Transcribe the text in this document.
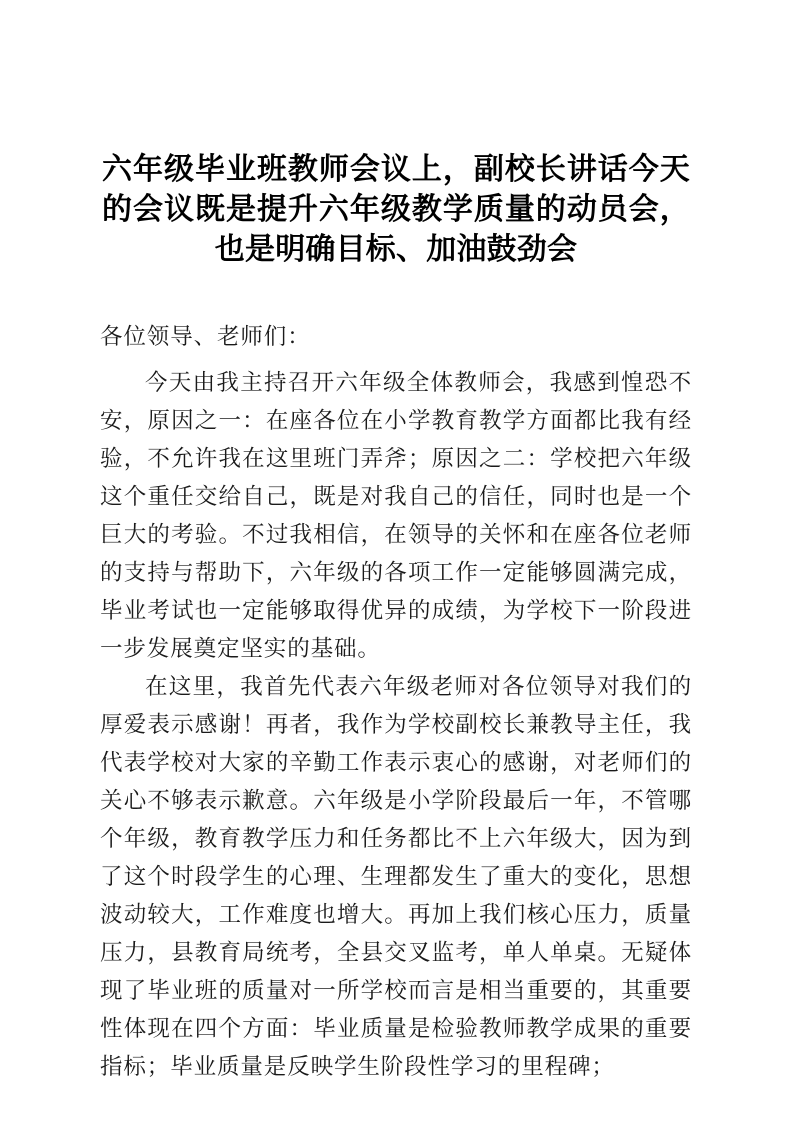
六年级毕业班教师会议上，副校长讲话今天的会议既是提升六年级教学质量的动员会，也是明确目标、加油鼓劲会

各位领导、老师们：

今天由我主持召开六年级全体教师会，我感到惶恐不安，原因之一：在座各位在小学教育教学方面都比我有经验，不允许我在这里班门弄斧；原因之二：学校把六年级这个重任交给自己，既是对我自己的信任，同时也是一个巨大的考验。不过我相信，在领导的关怀和在座各位老师的支持与帮助下，六年级的各项工作一定能够圆满完成，毕业考试也一定能够取得优异的成绩，为学校下一阶段进一步发展奠定坚实的基础。

在这里，我首先代表六年级老师对各位领导对我们的厚爱表示感谢！再者，我作为学校副校长兼教导主任，我代表学校对大家的辛勤工作表示衷心的感谢，对老师们的关心不够表示歉意。六年级是小学阶段最后一年，不管哪个年级，教育教学压力和任务都比不上六年级大，因为到了这个时段学生的心理、生理都发生了重大的变化，思想波动较大，工作难度也增大。再加上我们核心压力，质量压力，县教育局统考，全县交叉监考，单人单桌。无疑体现了毕业班的质量对一所学校而言是相当重要的，其重要性体现在四个方面：毕业质量是检验教师教学成果的重要指标；毕业质量是反映学生阶段性学习的里程碑；
